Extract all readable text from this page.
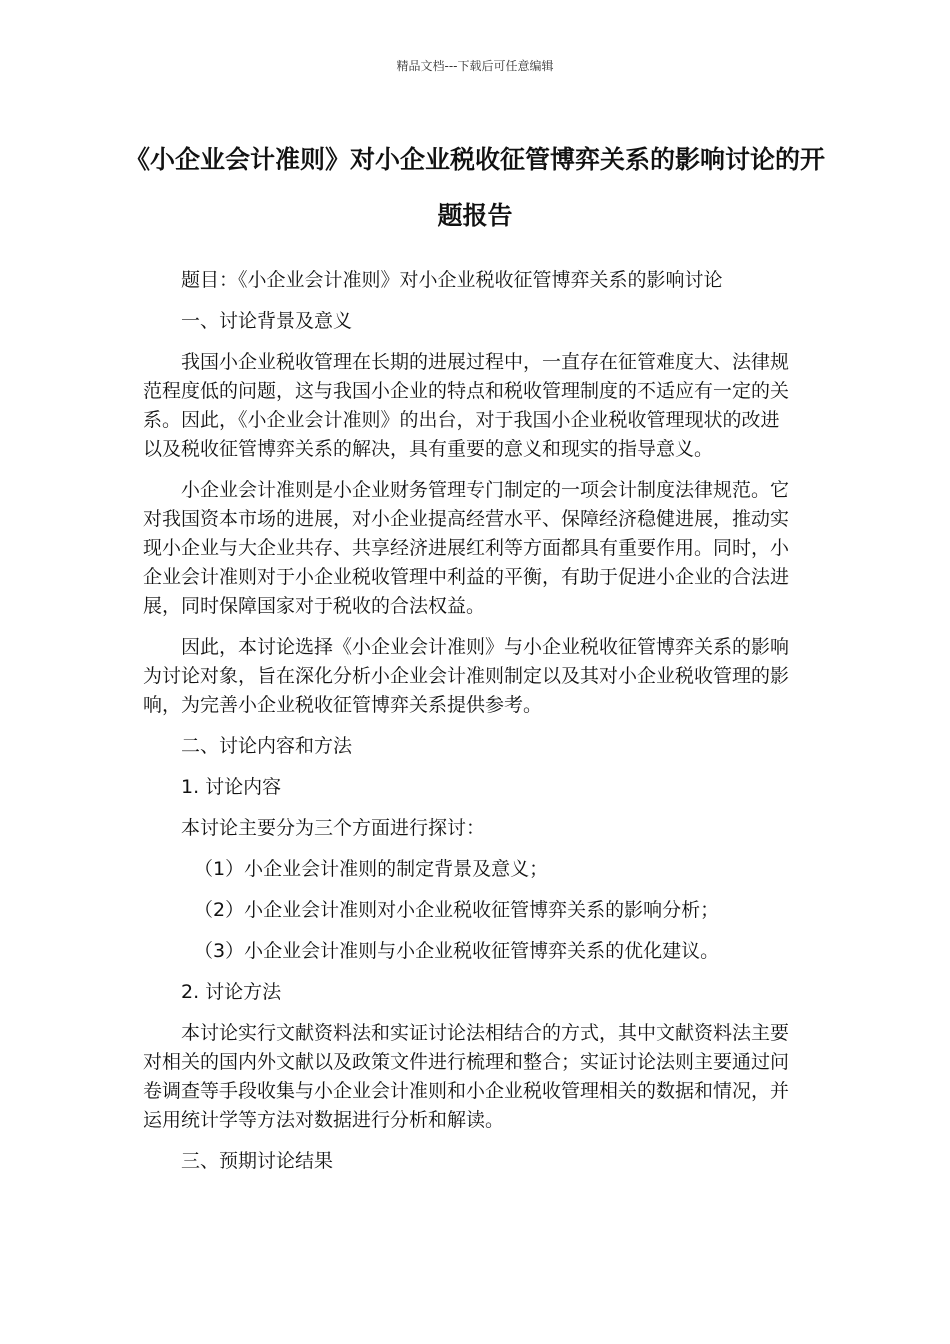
精品文档---下载后可任意编辑
《小企业会计准则》对小企业税收征管博弈关系的影响讨论的开题报告

题目：《小企业会计准则》对小企业税收征管博弈关系的影响讨论

一、讨论背景及意义

我国小企业税收管理在长期的进展过程中，一直存在征管难度大、法律规范程度低的问题，这与我国小企业的特点和税收管理制度的不适应有一定的关系。因此，《小企业会计准则》的出台，对于我国小企业税收管理现状的改进以及税收征管博弈关系的解决，具有重要的意义和现实的指导意义。

小企业会计准则是小企业财务管理专门制定的一项会计制度法律规范。它对我国资本市场的进展，对小企业提高经营水平、保障经济稳健进展，推动实现小企业与大企业共存、共享经济进展红利等方面都具有重要作用。同时，小企业会计准则对于小企业税收管理中利益的平衡，有助于促进小企业的合法进展，同时保障国家对于税收的合法权益。

因此，本讨论选择《小企业会计准则》与小企业税收征管博弈关系的影响为讨论对象，旨在深化分析小企业会计准则制定以及其对小企业税收管理的影响，为完善小企业税收征管博弈关系提供参考。

二、讨论内容和方法

1. 讨论内容

本讨论主要分为三个方面进行探讨：

（1）小企业会计准则的制定背景及意义；

（2）小企业会计准则对小企业税收征管博弈关系的影响分析；

（3）小企业会计准则与小企业税收征管博弈关系的优化建议。

2. 讨论方法

本讨论实行文献资料法和实证讨论法相结合的方式，其中文献资料法主要对相关的国内外文献以及政策文件进行梳理和整合；实证讨论法则主要通过问卷调查等手段收集与小企业会计准则和小企业税收管理相关的数据和情况，并运用统计学等方法对数据进行分析和解读。

三、预期讨论结果
